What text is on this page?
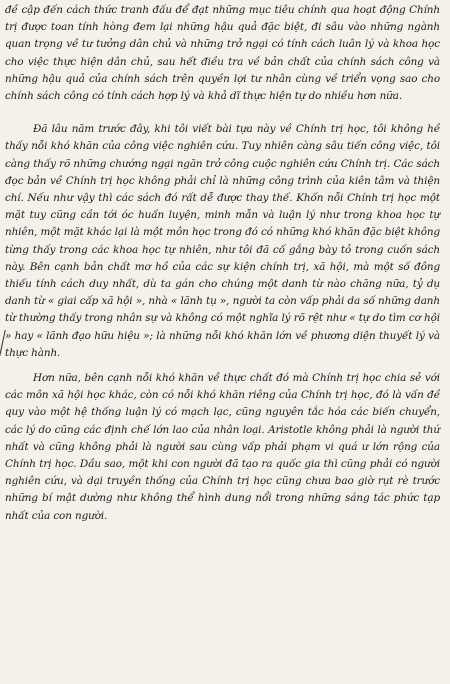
đề cập đến cách thức tranh đấu để đạt những mục tiêu chính qua hoạt động Chính trị được toan tính hòng đem lại những hậu quả đặc biệt, đi sâu vào những ngành quan trọng về tư tưởng dân chủ và những trở ngại có tính cách luân lý và khoa học cho việc thực hiện dân chủ, sau hết điều tra về bản chất của chính sách công và những hậu quả của chính sách trên quyền lợi tư nhân cùng về triển vọng sao cho chính sách công có tính cách hợp lý và khả dĩ thực hiện tự do nhiều hơn nữa.

Đã lâu năm trước đây, khi tôi viết bài tựa này về Chính trị học, tôi không hề thấy nỗi khó khăn của công việc nghiên cứu. Tuy nhiên càng sâu tiến công việc, tôi càng thấy rõ những chướng ngại ngăn trở công cuộc nghiên cứu Chính trị. Các sách đọc bản về Chính trị học không phải chỉ là những công trình của kiên tâm và thiện chí. Nếu như vậy thì các sách đó rất dễ được thay thế. Khốn nỗi Chính trị học một mặt tuy cũng cần tới óc huấn luyện, minh mẫn và luận lý như trong khoa học tự nhiên, một mặt khác lại là một môn học trong đó có những khó khăn đặc biệt không từng thấy trong các khoa học tự nhiên, như tôi đã cố gắng bày tỏ trong cuốn sách này. Bên cạnh bản chất mơ hồ của các sự kiện chính trị, xã hội, mà một số đông thiếu tính cách duy nhất, dù ta gán cho chúng một danh từ nào chăng nữa, tỷ dụ danh từ « giai cấp xã hội », nhà « lãnh tụ », người ta còn vấp phải da số những danh từ thường thấy trong nhân sự và không có một nghĩa lý rõ rệt như « tự do tìm cơ hội » hay « lãnh đạo hữu hiệu »; là những nỗi khó khăn lớn về phương diện thuyết lý và thực hành.

Hơn nữa, bên cạnh nỗi khó khăn về thực chất đó mà Chính trị học chia sẻ với các môn xã hội học khác, còn có nỗi khó khăn riêng của Chính trị học, đó là vấn đề quy vào một hệ thống luận lý có mạch lạc, cũng nguyên tắc hóa các biến chuyển, các lý do cũng các định chế lớn lao của nhân loại. Aristotle không phải là người thứ nhất và cũng không phải là người sau cùng vấp phải phạm vi quá ư lớn rộng của Chính trị học. Dầu sao, một khi con người đã tạo ra quốc gia thì cũng phải có người nghiên cứu, và dại truyền thống của Chính trị học cũng chưa bao giờ rụt rè trước những bí mật dường như không thể hình dung nổi trong những sáng tác phức tạp nhất của con người.
